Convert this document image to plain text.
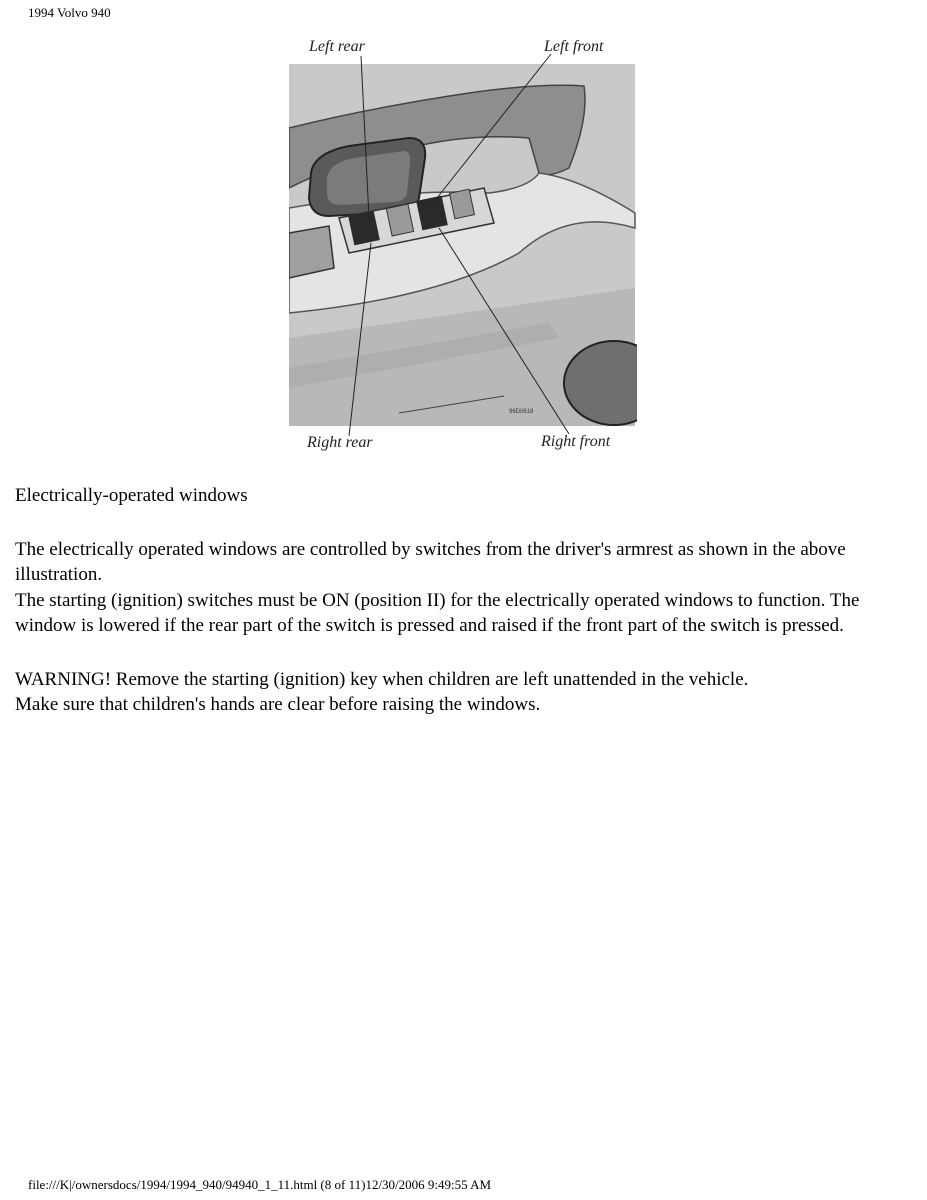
1994 Volvo 940
Left rear	Left front
Right rear	Right front
96D0618

Electrically-operated windows

The electrically operated windows are controlled by switches from the driver's armrest as shown in the above illustration.

The starting (ignition) switches must be ON (position II) for the electrically operated windows to function. The window is lowered if the rear part of the switch is pressed and raised if the front part of the switch is pressed.

WARNING! Remove the starting (ignition) key when children are left unattended in the vehicle.

Make sure that children's hands are clear before raising the windows.

file:///K|/ownersdocs/1994/1994_940/94940_1_11.html (8 of 11)12/30/2006 9:49:55 AM
